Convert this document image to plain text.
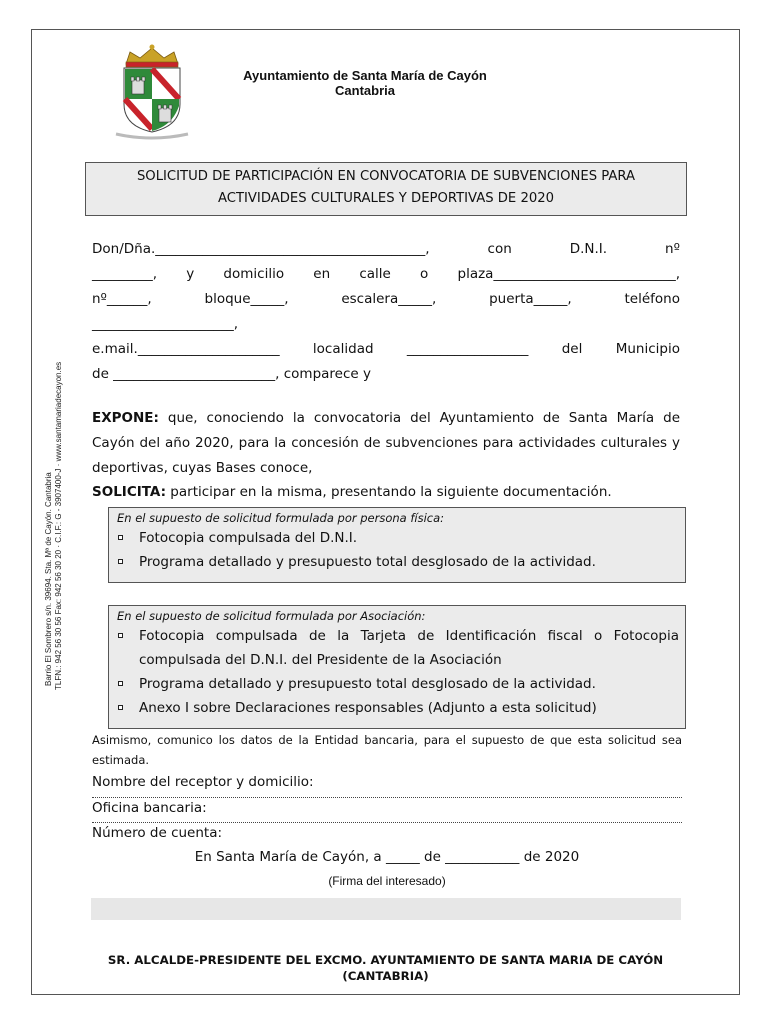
Ayuntamiento de Santa María de Cayón
Cantabria
SOLICITUD DE PARTICIPACIÓN EN CONVOCATORIA DE SUBVENCIONES PARA
ACTIVIDADES CULTURALES Y DEPORTIVAS DE 2020
Don/Dña.________________________________________,	con	D.N.I.	nº
_________, y domicilio en calle o plaza___________________________,
nº______,	bloque_____,	escalera_____,	puerta_____,	teléfono
_____________________,
e.mail._____________________ localidad __________________ del Municipio
de ________________________, comparece y
EXPONE: que, conociendo la convocatoria del Ayuntamiento de Santa María de Cayón del año 2020, para la concesión de subvenciones para actividades culturales y deportivas, cuyas Bases conoce,
SOLICITA: participar en la misma, presentando la siguiente documentación.
En el supuesto de solicitud formulada por persona física:
Fotocopia compulsada del D.N.I.
Programa detallado y presupuesto total desglosado de la actividad.
En el supuesto de solicitud formulada por Asociación:
Fotocopia compulsada de la Tarjeta de Identificación fiscal o Fotocopia
compulsada del D.N.I. del Presidente de la Asociación
Programa detallado y presupuesto total desglosado de la actividad.
Anexo I sobre Declaraciones responsables (Adjunto a esta solicitud)
Asimismo, comunico los datos de la Entidad bancaria, para el supuesto de que esta solicitud sea estimada.
Nombre del receptor y domicilio:
Oficina bancaria:
Número de cuenta:
En Santa María de Cayón, a _____ de ___________ de 2020
(Firma del interesado)
SR. ALCALDE-PRESIDENTE DEL EXCMO. AYUNTAMIENTO DE SANTA MARIA DE CAYÓN
(CANTABRIA)
Barrio El Sombrero s/n. 39694. Sta. Mª de Cayón. Cantabria TLFN.: 942 56 30 56 Fax: 942 56 30 20 · C.I.F.: G - 3907400-J · www.santamariadecayon.es
